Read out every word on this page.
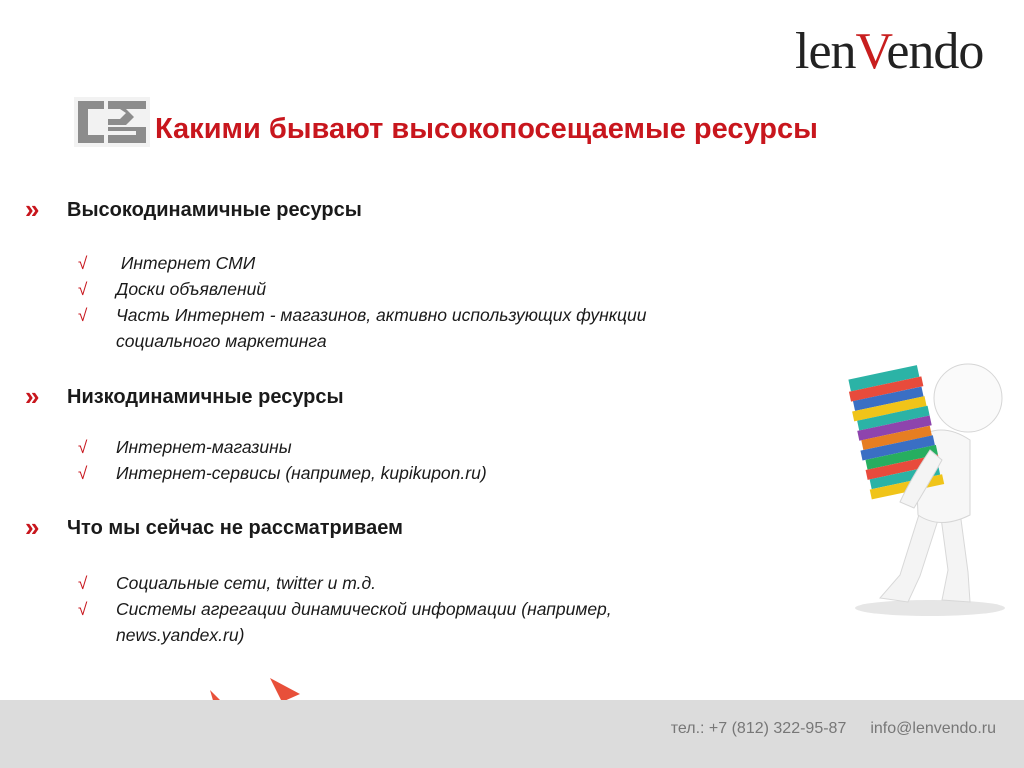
lenVendo
Какими бывают высокопосещаемые ресурсы
» Высокодинамичные ресурсы
√ Интернет СМИ
√ Доски объявлений
√ Часть Интернет - магазинов, активно использующих функции
социального маркетинга
» Низкодинамичные ресурсы
√ Интернет-магазины
√ Интернет-сервисы (например, kupikupon.ru)
» Что мы сейчас не рассматриваем
√ Социальные сети, twitter и т.д.
√ Системы агрегации динамической информации (например,
news.yandex.ru)
тел.: +7 (812) 322-95-87 info@lenvendo.ru
